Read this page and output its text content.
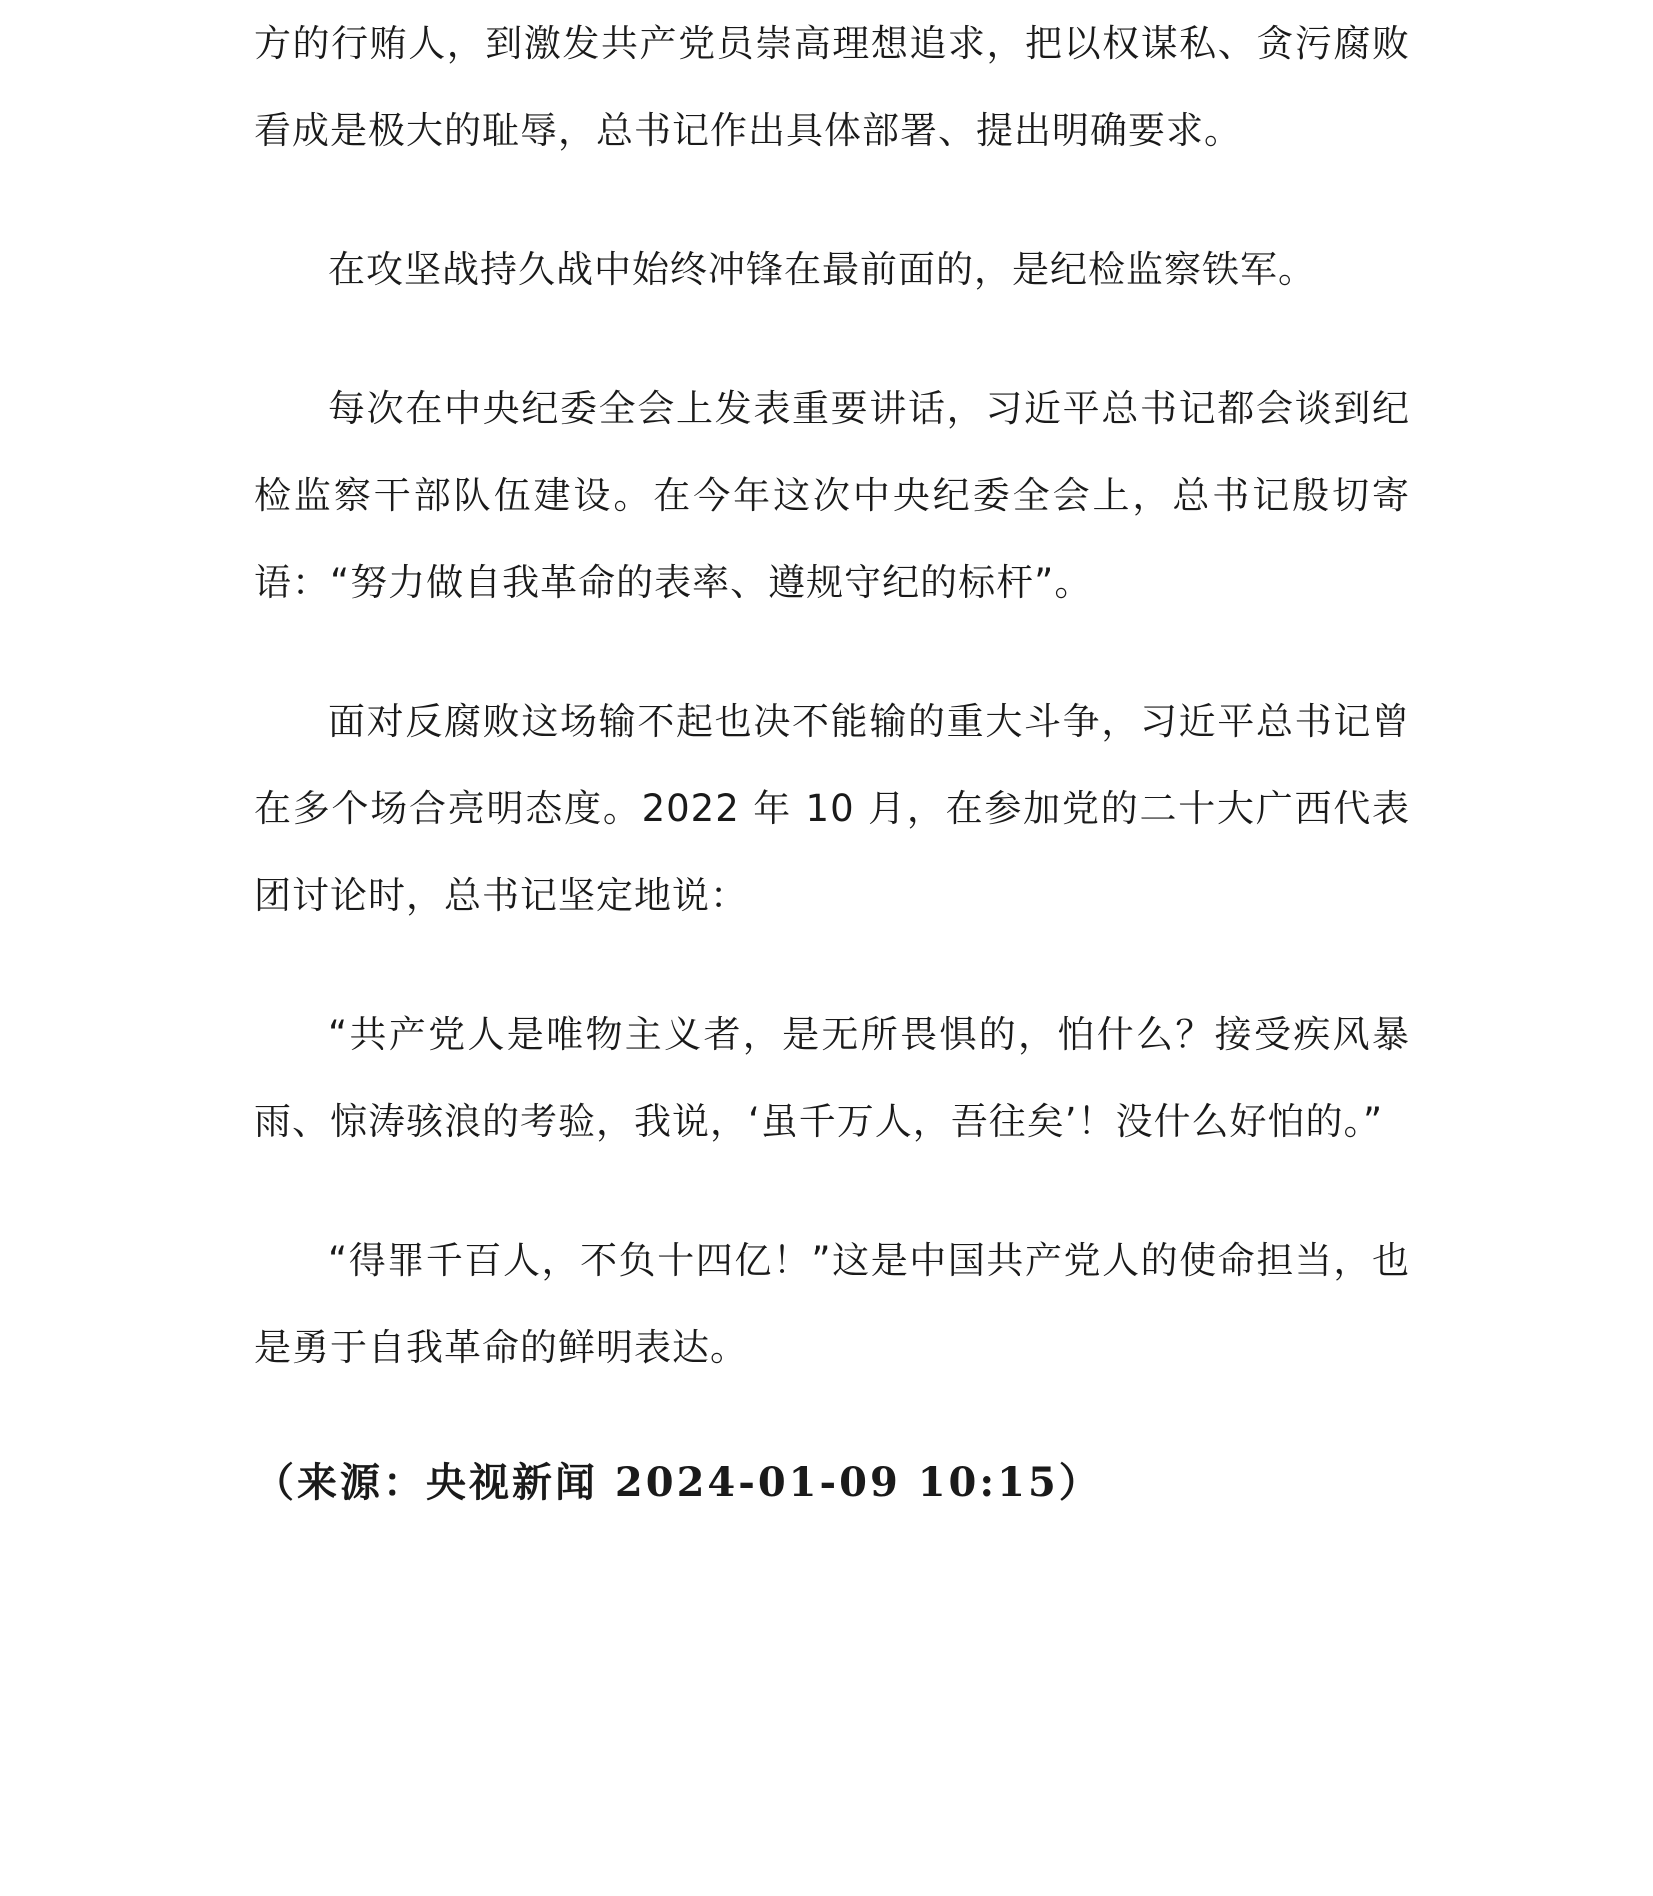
方的行贿人，到激发共产党员崇高理想追求，把以权谋私、贪污腐败看成是极大的耻辱，总书记作出具体部署、提出明确要求。

在攻坚战持久战中始终冲锋在最前面的，是纪检监察铁军。

每次在中央纪委全会上发表重要讲话，习近平总书记都会谈到纪检监察干部队伍建设。在今年这次中央纪委全会上，总书记殷切寄语：“努力做自我革命的表率、遵规守纪的标杆”。

面对反腐败这场输不起也决不能输的重大斗争，习近平总书记曾在多个场合亮明态度。2022 年 10 月，在参加党的二十大广西代表团讨论时，总书记坚定地说：

“共产党人是唯物主义者，是无所畏惧的，怕什么？接受疾风暴雨、惊涛骇浪的考验，我说，‘虽千万人，吾往矣’！没什么好怕的。”

“得罪千百人，不负十四亿！”这是中国共产党人的使命担当，也是勇于自我革命的鲜明表达。

（来源：央视新闻 2024-01-09 10:15）
